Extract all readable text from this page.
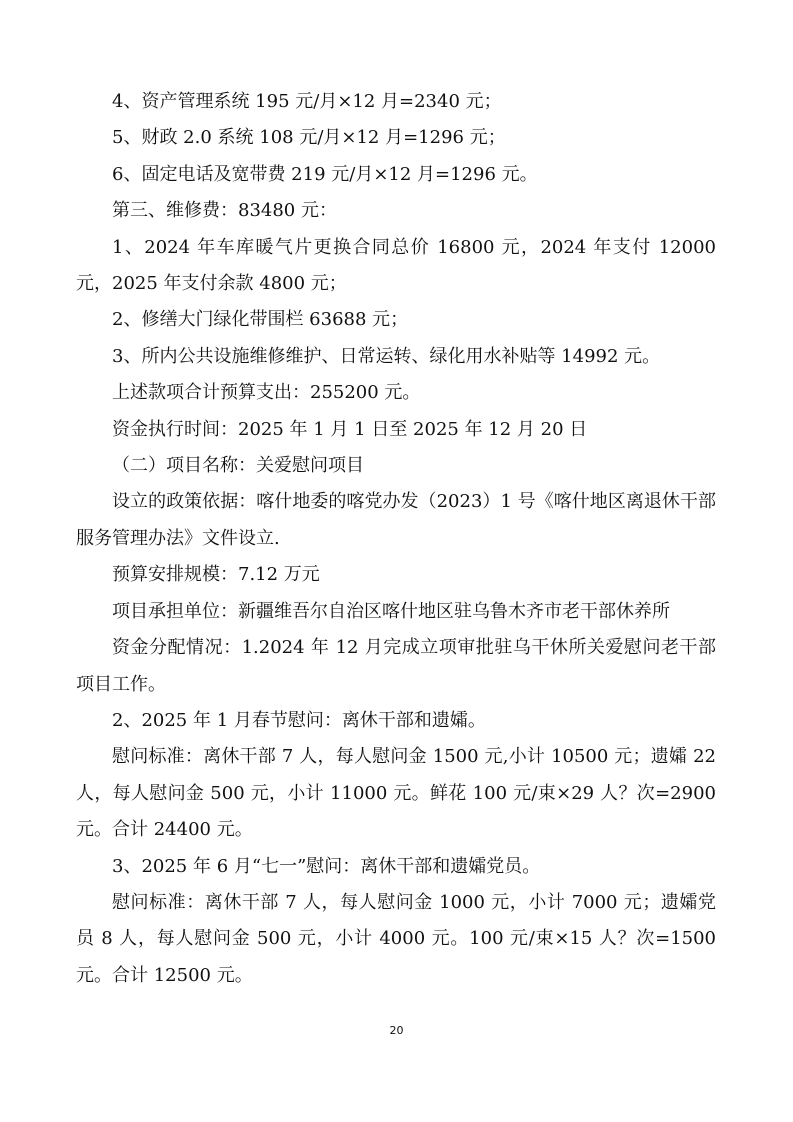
4、资产管理系统 195 元/月×12 月=2340 元；

5、财政 2.0 系统 108 元/月×12 月=1296 元；

6、固定电话及宽带费 219 元/月×12 月=1296 元。

第三、维修费：83480 元：

1、2024 年车库暖气片更换合同总价 16800 元，2024 年支付 12000 元，2025 年支付余款 4800 元；

2、修缮大门绿化带围栏 63688 元；

3、所内公共设施维修维护、日常运转、绿化用水补贴等 14992 元。

上述款项合计预算支出：255200 元。

资金执行时间：2025 年 1 月 1 日至 2025 年 12 月 20 日

（二）项目名称：关爱慰问项目

设立的政策依据：喀什地委的喀党办发（2023）1 号《喀什地区离退休干部服务管理办法》文件设立.

预算安排规模：7.12 万元

项目承担单位：新疆维吾尔自治区喀什地区驻乌鲁木齐市老干部休养所

资金分配情况：1.2024 年 12 月完成立项审批驻乌干休所关爱慰问老干部项目工作。

2、2025 年 1 月春节慰问：离休干部和遗孀。

慰问标准：离休干部 7 人，每人慰问金 1500 元,小计 10500 元；遗孀 22 人，每人慰问金 500 元，小计 11000 元。鲜花 100 元/束×29 人？次=2900 元。合计 24400 元。

3、2025 年 6 月“七一”慰问：离休干部和遗孀党员。

慰问标准：离休干部 7 人，每人慰问金 1000 元，小计 7000 元；遗孀党员 8 人，每人慰问金 500 元，小计 4000 元。100 元/束×15 人？次=1500 元。合计 12500 元。

20
